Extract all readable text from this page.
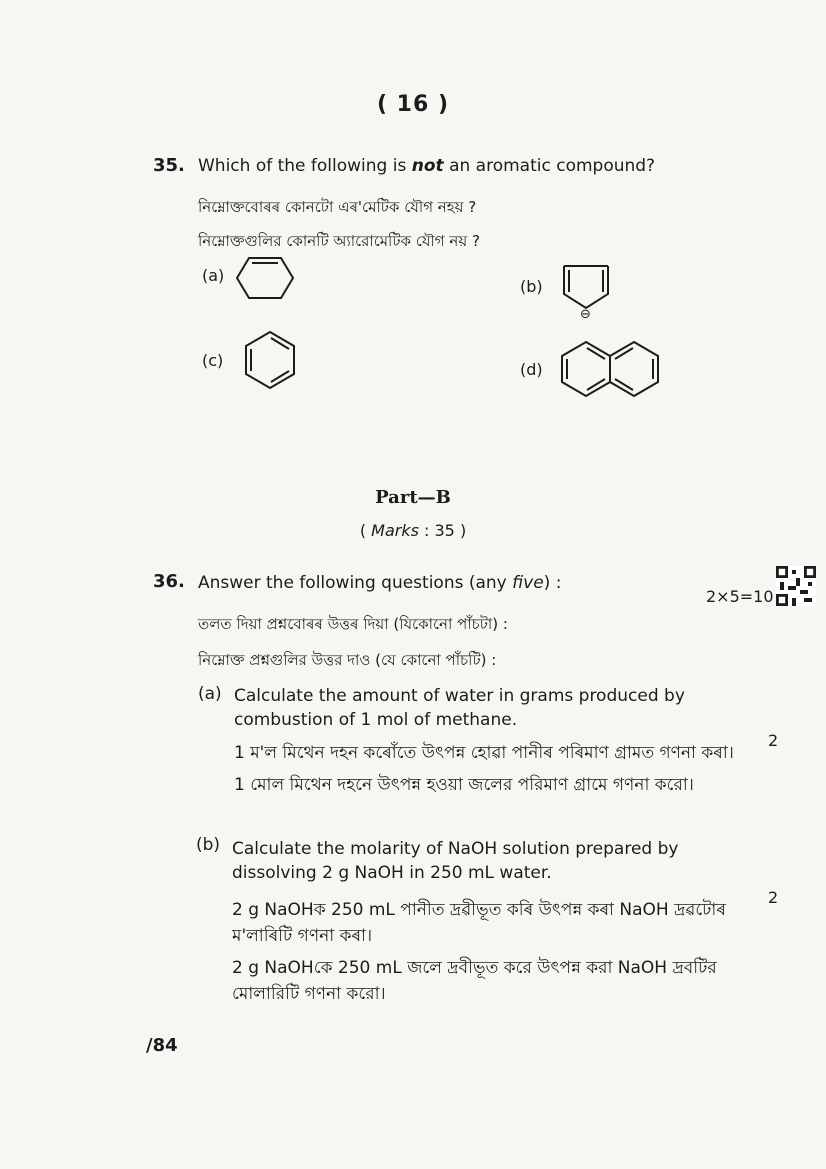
( 16 )
35. Which of the following is not an aromatic compound?
নিম্নোক্তবোৰৰ কোনটো এৰ'মেটিক যৌগ নহয় ?
নিম্নোক্তগুলির কোনটি অ্যারোমেটিক যৌগ নয় ?
(a)
(b)
⊖
(c)	(d)
Part—B
( Marks : 35 )
36. Answer the following questions (any five) :
2×5=10
তলত দিয়া প্ৰশ্নবোৰৰ উত্তৰ দিয়া (যিকোনো পাঁচটা) :
নিম্নোক্ত প্রশ্নগুলির উত্তর দাও (যে কোনো পাঁচটি) :
(a) Calculate the amount of water in grams produced by combustion of 1 mol of methane.
2
1 ম'ল মিথেন দহন কৰোঁতে উৎপন্ন হোৱা পানীৰ পৰিমাণ গ্ৰামত গণনা কৰা।
1 মোল মিথেন দহনে উৎপন্ন হওয়া জলের পরিমাণ গ্রামে গণনা করো।
(b) Calculate the molarity of NaOH solution prepared by dissolving 2 g NaOH in 250 mL water.
2
2 g NaOHক 250 mL পানীত দ্ৰৱীভূত কৰি উৎপন্ন কৰা NaOH দ্ৰৱটোৰ ম'লাৰিটি গণনা কৰা।
2 g NaOHকে 250 mL জলে দ্রবীভূত করে উৎপন্ন করা NaOH দ্রবটির মোলারিটি গণনা করো।
/84
